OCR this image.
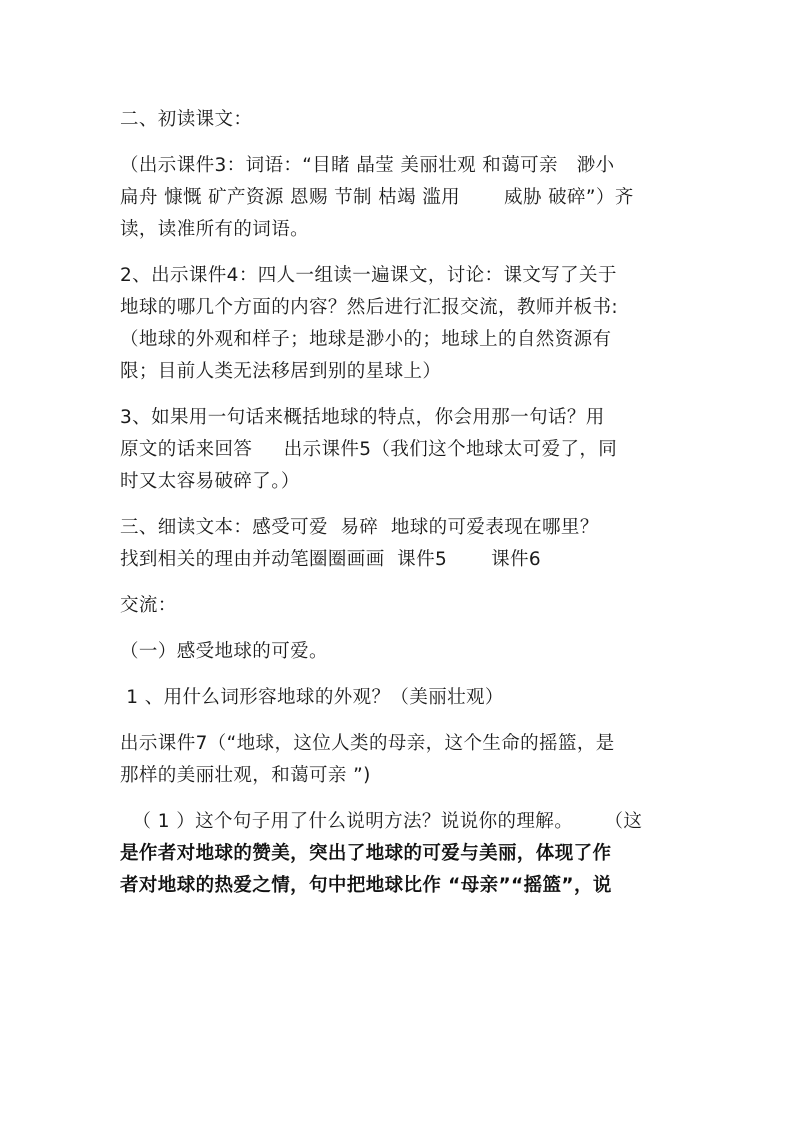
二、初读课文：
（出示课件3：词语：“目睹 晶莹 美丽壮观 和蔼可亲   渺小
扁舟 慷慨 矿产资源 恩赐 节制 枯竭 滥用       威胁 破碎”）齐
读，读准所有的词语。
2、出示课件4：四人一组读一遍课文，讨论：课文写了关于
地球的哪几个方面的内容？然后进行汇报交流，教师并板书:
（地球的外观和样子；地球是渺小的；地球上的自然资源有
限；目前人类无法移居到别的星球上）
3、如果用一句话来概括地球的特点，你会用那一句话？用
原文的话来回答     出示课件5（我们这个地球太可爱了，同
时又太容易破碎了。）
三、细读文本：感受可爱  易碎  地球的可爱表现在哪里？
找到相关的理由并动笔圈圈画画  课件5       课件6
交流：
（一）感受地球的可爱。
1 、用什么词形容地球的外观？（美丽壮观）
出示课件7（“地球，这位人类的母亲，这个生命的摇篮，是
那样的美丽壮观，和蔼可亲 ”)
（ 1 ）这个句子用了什么说明方法？说说你的理解。     （这
是作者对地球的赞美，突出了地球的可爱与美丽，体现了作
者对地球的热爱之情，句中把地球比作 “母亲”“摇篮”，说
